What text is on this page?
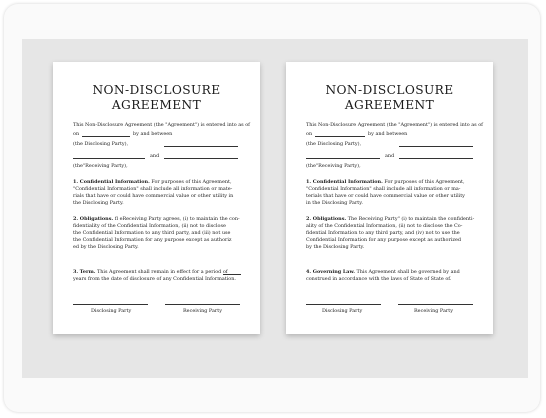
NON-DISCLOSURE
AGREEMENT
This Non-Disclosure Agreement (the "Agreement") is entered into as of
on	by and between
(the Disclosing Party),
and
(the"Receiving Party),
1. Confidential Information. For purposes of this Agreement,
"Confidential Information" shall include all information or mate-
rials that have or could have commercial value or other utility in
the Disclosing Party.
2. Obligations. fl eReceiving Party agrees, (i) to maintain the con-
fidentiality of the Confidential Information, (ii) not to disclose
the Confidential Information to any third party, and (iii) not use
the Confidential Information for any purpose except as authoriz
ed by the Disclosing Party.
3. Term. This Agreement shall remain in effect for a period of
years from the date of disclosure of any Confidential Information.
Disclosing Party	Receiving Party
NON-DISCLOSURE
AGREEMENT
This Non-Disclosure Agreement (the "Agreement") is entered into as of
on	by and between
(the Disclosing Party),
and
(the"Receiving Party),
1. Confidential Information. For purposes of this Agreement,
"Confidential Information" shall include all information or ma-
terials that have or could have commercial value or other utility
in the Disclosing Party.
2. Obligations. The Receiving Party" (i) to maintain the confidenti-
ality of the Confidential Information, (ii) not to disclose the Co-
fidential Information to any third party, and (iv) not to use the
Confidential Information for any purpose except as authorized
by the Disclosing Party.
4. Governing Law. This Agreement shall be governed by and
construed in accordance with the laws of State of State of.
Disclosing Party	Receiving Party
